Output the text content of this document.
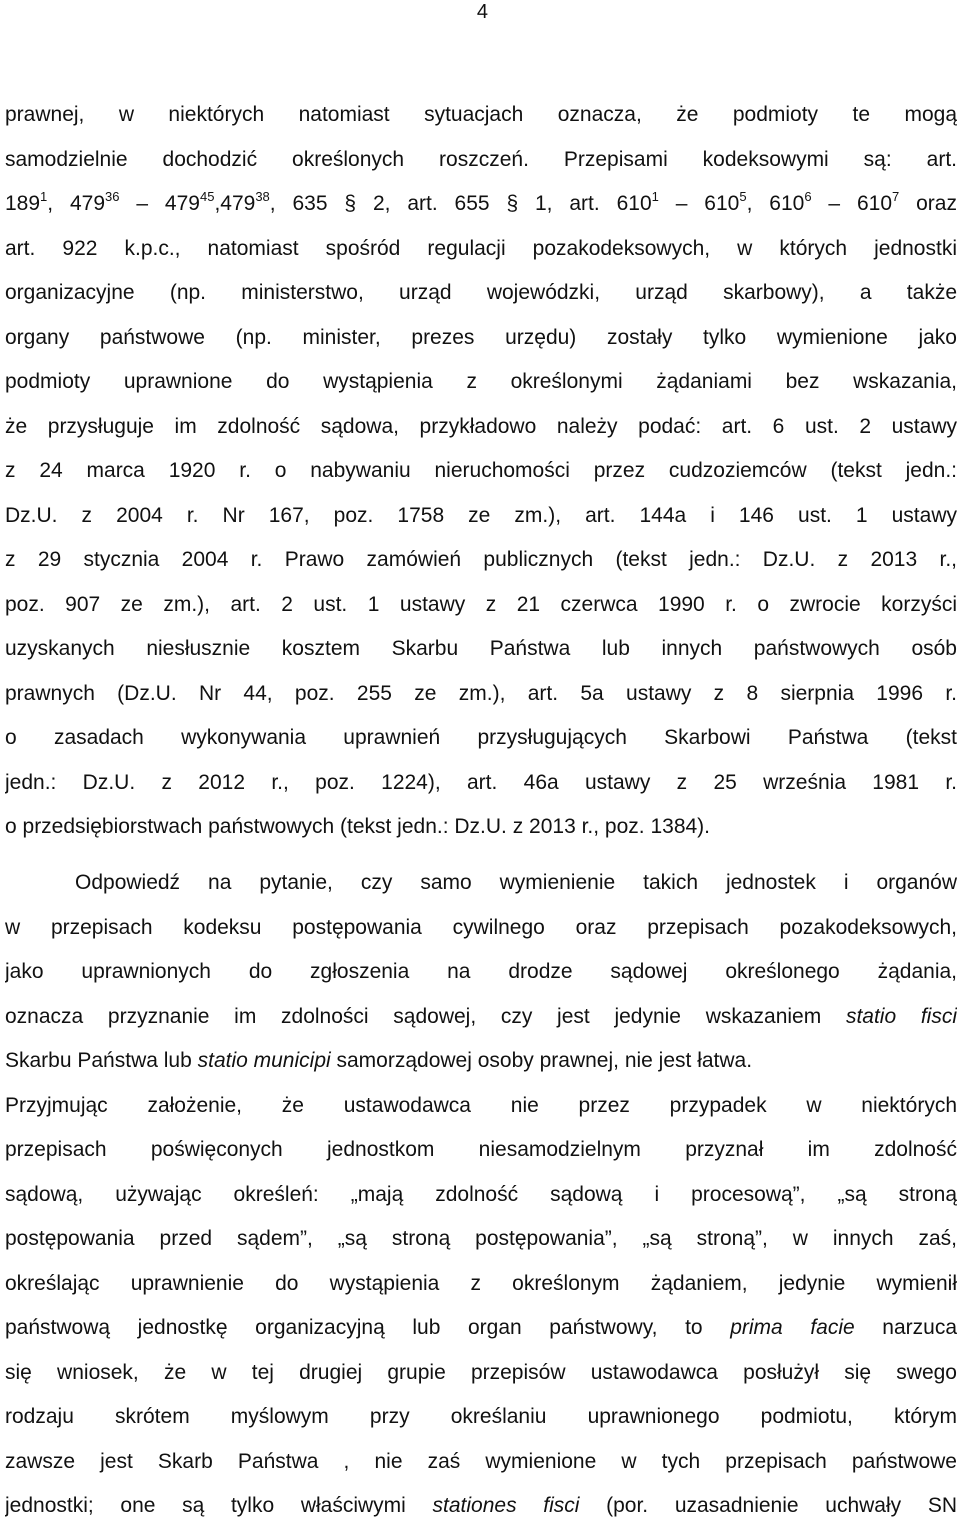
4
prawnej, w niektórych natomiast sytuacjach oznacza, że podmioty te mogą
samodzielnie dochodzić określonych roszczeń. Przepisami kodeksowymi są: art.
$189^1$, $479^{36} - 479^{45},479^{38}$, 635 § 2, art. 655 § 1, art. $610^1 - 610^5$, $610^6 - 610^7$ oraz
art. 922 k.p.c., natomiast spośród regulacji pozakodeksowych, w których jednostki
organizacyjne (np. ministerstwo, urząd wojewódzki, urząd skarbowy), a także
organy państwowe (np. minister, prezes urzędu) zostały tylko wymienione jako
podmioty uprawnione do wystąpienia z określonymi żądaniami bez wskazania,
że przysługuje im zdolność sądowa, przykładowo należy podać: art. 6 ust. 2 ustawy
z 24 marca 1920 r. o nabywaniu nieruchomości przez cudzoziemców (tekst jedn.:
Dz.U. z 2004 r. Nr 167, poz. 1758 ze zm.), art. 144a i 146 ust. 1 ustawy
z 29 stycznia 2004 r. Prawo zamówień publicznych (tekst jedn.: Dz.U. z 2013 r.,
poz. 907 ze zm.), art. 2 ust. 1 ustawy z 21 czerwca 1990 r. o zwrocie korzyści
uzyskanych niesłusznie kosztem Skarbu Państwa lub innych państwowych osób
prawnych (Dz.U. Nr 44, poz. 255 ze zm.), art. 5a ustawy z 8 sierpnia 1996 r.
o zasadach wykonywania uprawnień przysługujących Skarbowi Państwa (tekst
jedn.: Dz.U. z 2012 r., poz. 1224), art. 46a ustawy z 25 września 1981 r.
o przedsiębiorstwach państwowych (tekst jedn.: Dz.U. z 2013 r., poz. 1384).
Odpowiedź na pytanie, czy samo wymienienie takich jednostek i organów
w przepisach kodeksu postępowania cywilnego oraz przepisach pozakodeksowych,
jako uprawnionych do zgłoszenia na drodze sądowej określonego żądania,
oznacza przyznanie im zdolności sądowej, czy jest jedynie wskazaniem statio fisci
Skarbu Państwa lub statio municipi samorządowej osoby prawnej, nie jest łatwa.
Przyjmując założenie, że ustawodawca nie przez przypadek w niektórych
przepisach poświęconych jednostkom niesamodzielnym przyznał im zdolność
sądową, używając określeń: „mają zdolność sądową i procesową”, „są stroną
postępowania przed sądem”, „są stroną postępowania”, „są stroną”, w innych zaś,
określając uprawnienie do wystąpienia z określonym żądaniem, jedynie wymienił
państwową jednostkę organizacyjną lub organ państwowy, to prima facie narzuca
się wniosek, że w tej drugiej grupie przepisów ustawodawca posłużył się swego
rodzaju skrótem myślowym przy określaniu uprawnionego podmiotu, którym
zawsze jest Skarb Państwa , nie zaś wymienione w tych przepisach państwowe
jednostki; one są tylko właściwymi stationes fisci (por. uzasadnienie uchwały SN
